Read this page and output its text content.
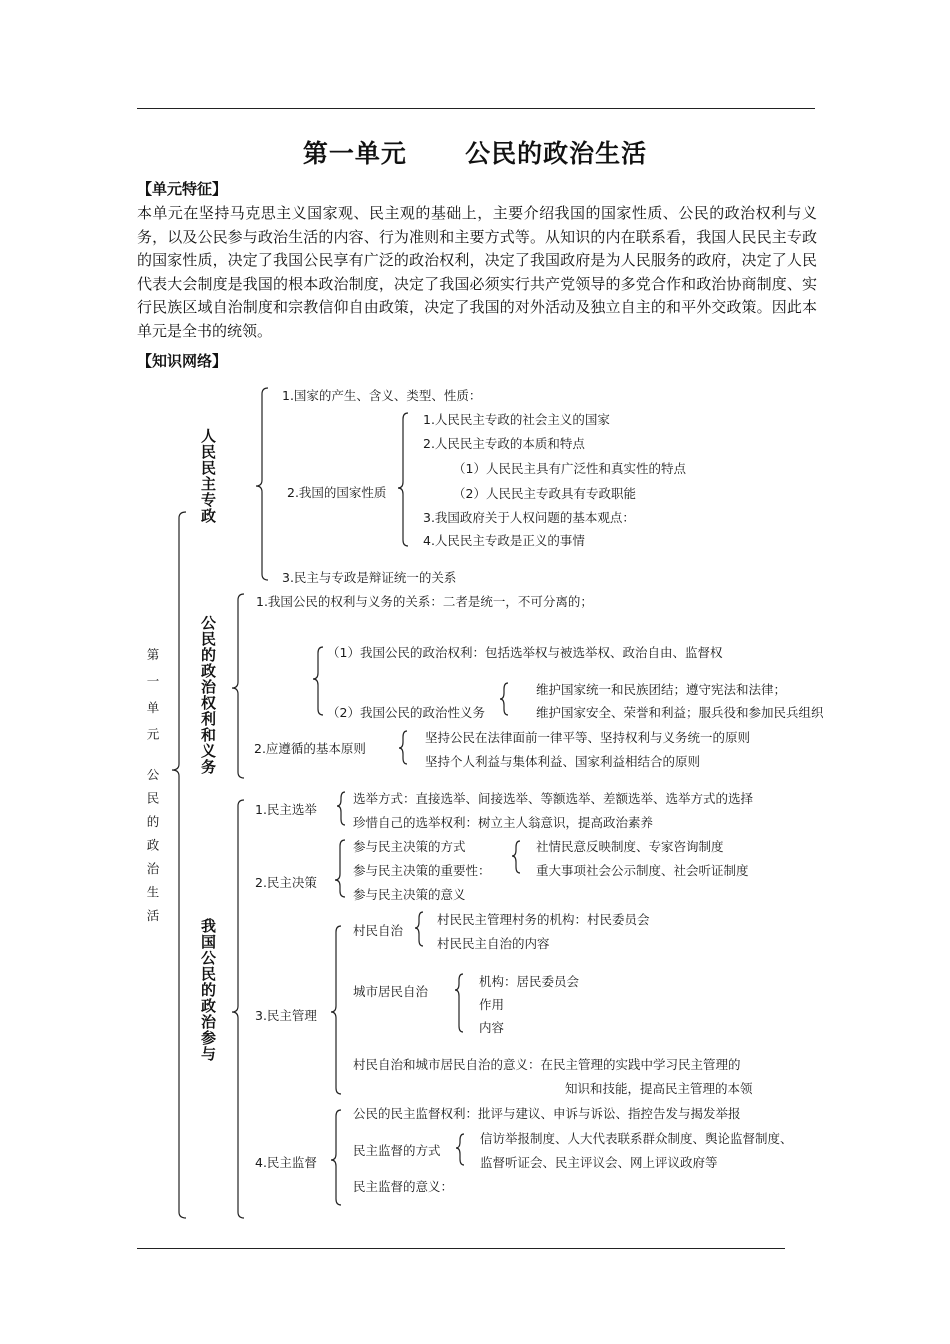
第一单元      公民的政治生活
【单元特征】

本单元在坚持马克思主义国家观、民主观的基础上，主要介绍我国的国家性质、公民的政治权利与义务，以及公民参与政治生活的内容、行为准则和主要方式等。从知识的内在联系看，我国人民民主专政的国家性质，决定了我国公民享有广泛的政治权利，决定了我国政府是为人民服务的政府，决定了人民代表大会制度是我国的根本政治制度，决定了我国必须实行共产党领导的多党合作和政治协商制度、实行民族区域自治制度和宗教信仰自由政策，决定了我国的对外活动及独立自主的和平外交政策。因此本单元是全书的统领。

【知识网络】
第一单元
公民的政治生活
人民民主专政
公民的政治权利和义务
我国公民的政治参与
1.国家的产生、含义、类型、性质：
2.我国的国家性质
1.人民民主专政的社会主义的国家
2.人民民主专政的本质和特点
（1）人民民主具有广泛性和真实性的特点
（2）人民民主专政具有专政职能
3.我国政府关于人权问题的基本观点：
4.人民民主专政是正义的事情
3.民主与专政是辩证统一的关系
1.我国公民的权利与义务的关系：二者是统一，不可分离的；
（1）我国公民的政治权利：包括选举权与被选举权、政治自由、监督权
（2）我国公民的政治性义务
维护国家统一和民族团结；遵守宪法和法律；
维护国家安全、荣誉和利益；服兵役和参加民兵组织
2.应遵循的基本原则
坚持公民在法律面前一律平等、坚持权利与义务统一的原则
坚持个人利益与集体利益、国家利益相结合的原则
1.民主选举
选举方式：直接选举、间接选举、等额选举、差额选举、选举方式的选择
珍惜自己的选举权利：树立主人翁意识，提高政治素养
2.民主决策
参与民主决策的方式
参与民主决策的重要性：
社情民意反映制度、专家咨询制度
重大事项社会公示制度、社会听证制度
参与民主决策的意义
3.民主管理
村民自治
村民民主管理村务的机构：村民委员会
村民民主自治的内容
城市居民自治
机构：居民委员会
作用
内容
村民自治和城市居民自治的意义：在民主管理的实践中学习民主管理的
知识和技能，提高民主管理的本领
4.民主监督
公民的民主监督权利：批评与建议、申诉与诉讼、指控告发与揭发举报
民主监督的方式
信访举报制度、人大代表联系群众制度、舆论监督制度、
监督听证会、民主评议会、网上评议政府等
民主监督的意义：
